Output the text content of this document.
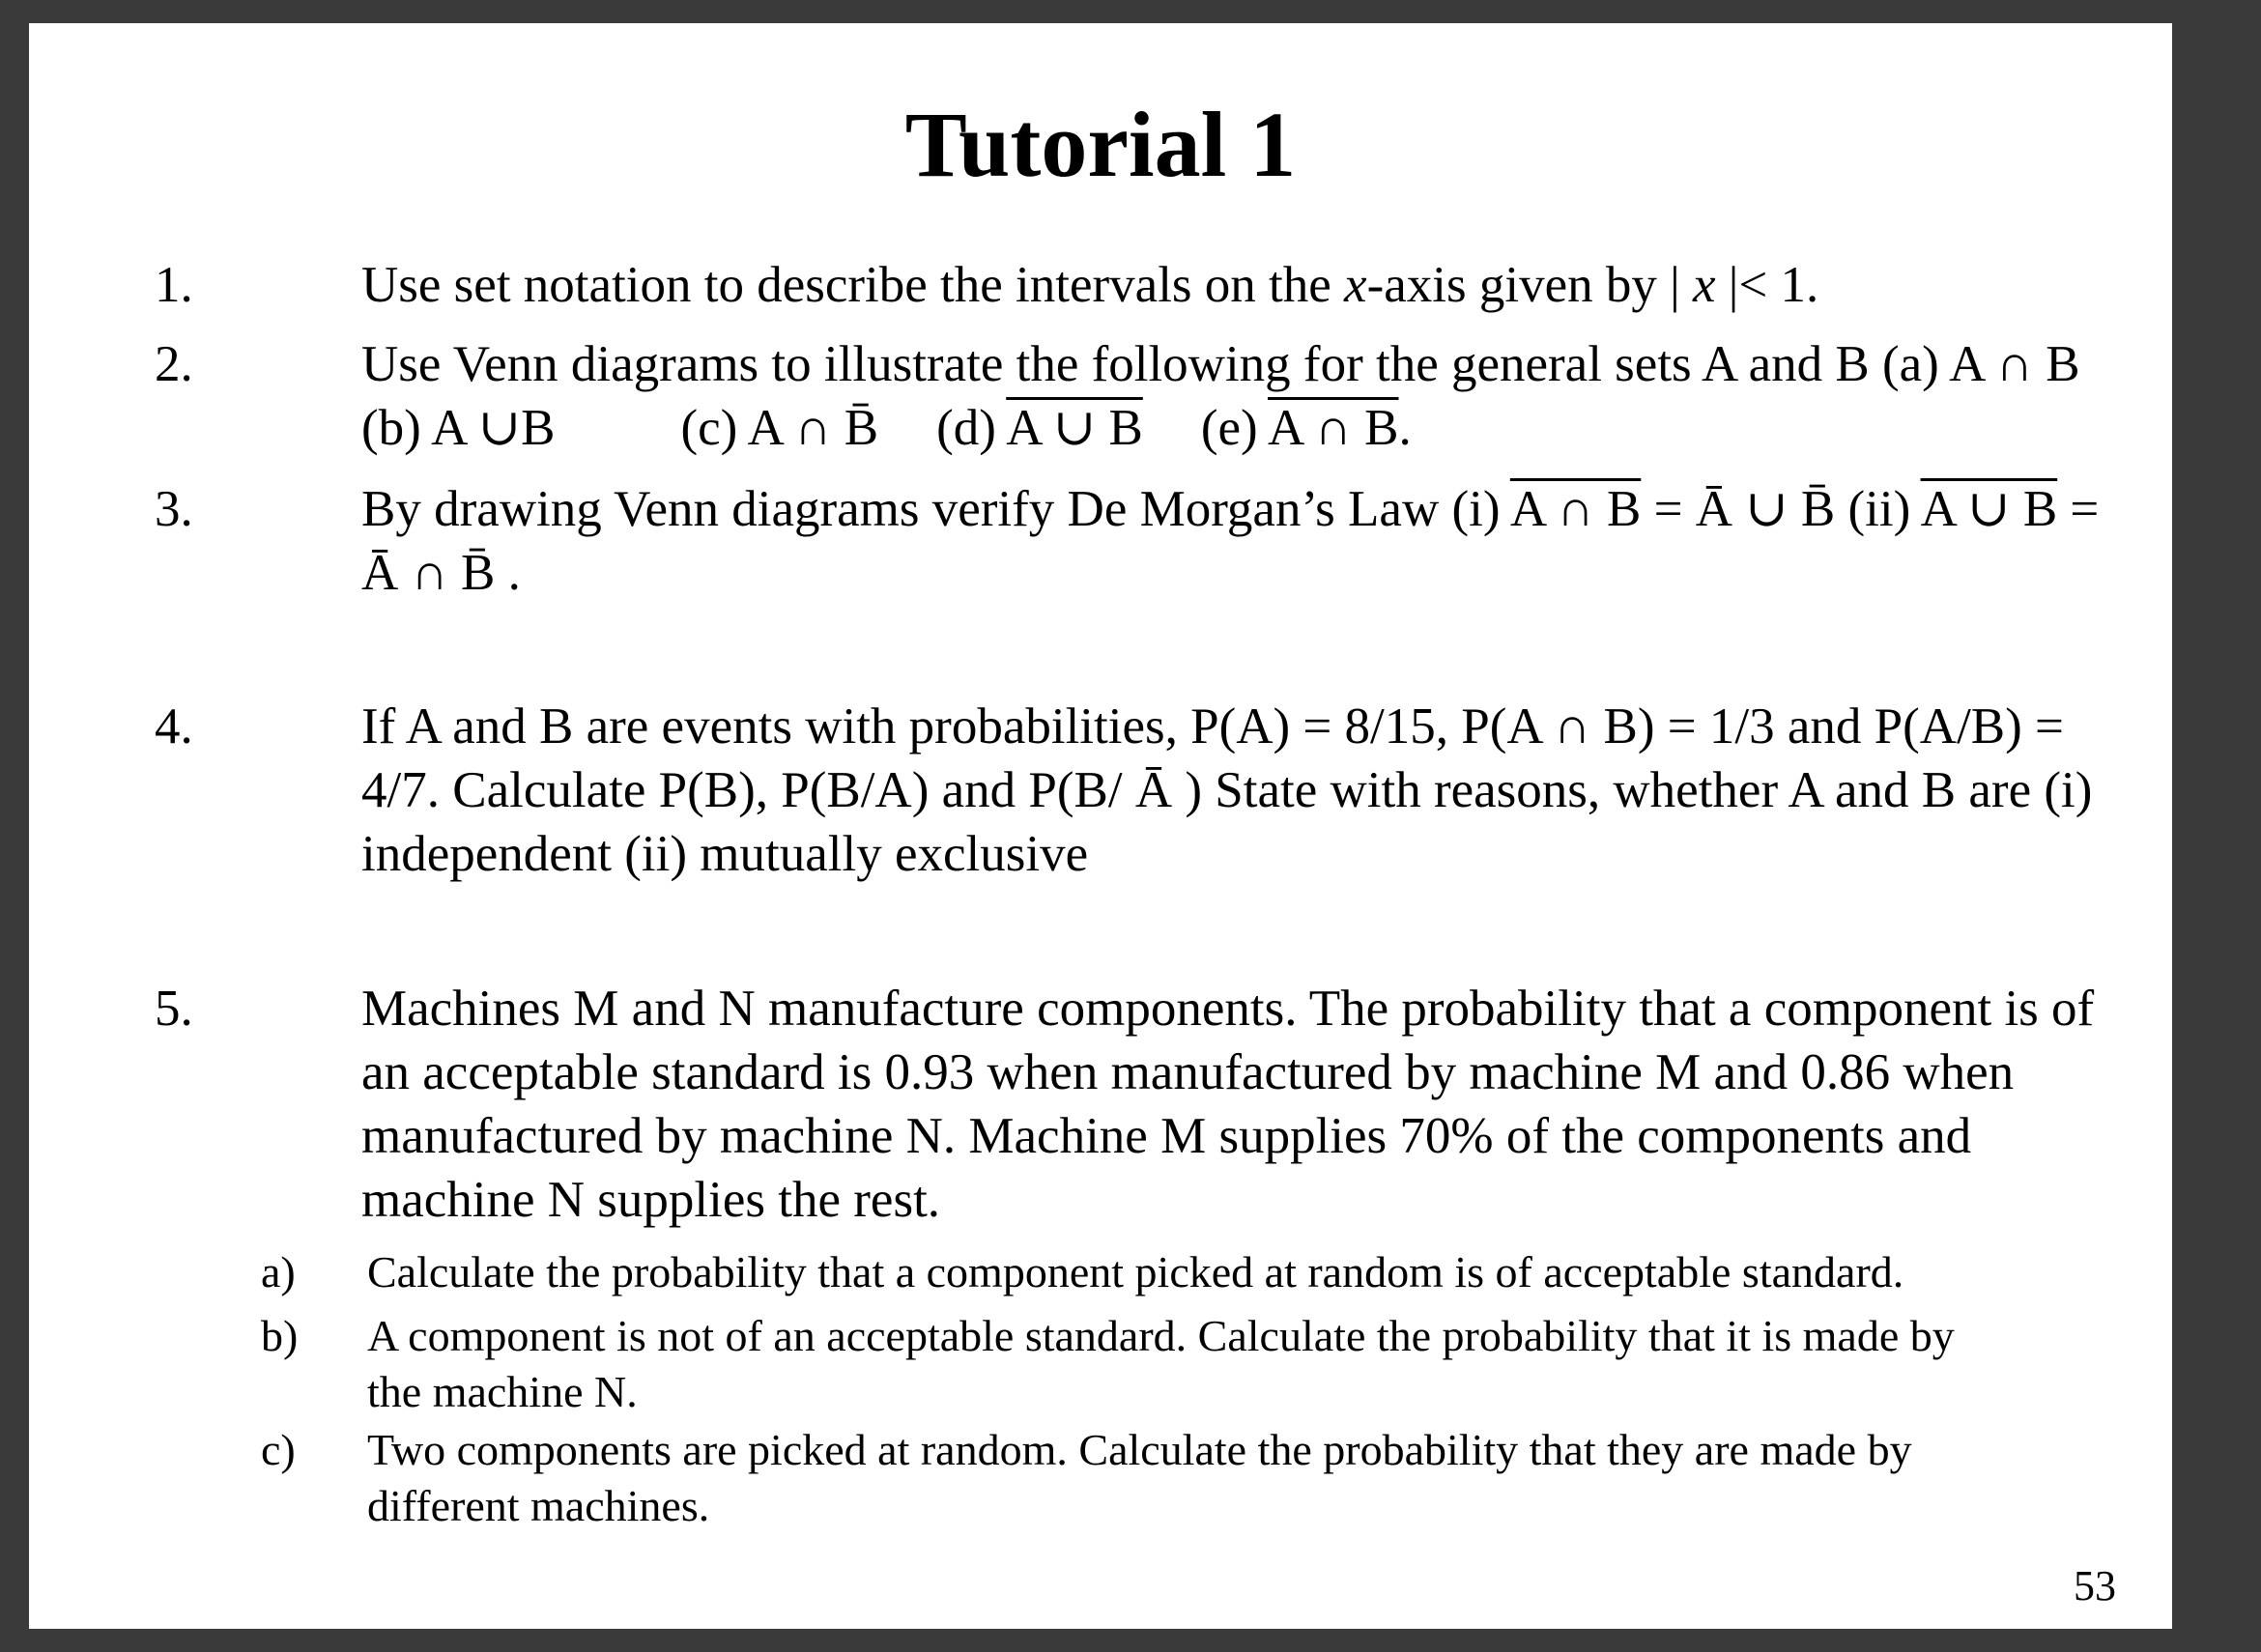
Tutorial 1
1.	Use set notation to describe the intervals on the x-axis given by | x |< 1.
2.	Use Venn diagrams to illustrate the following for the general sets A and B (a) A ∩ B
(b) A ∪B (c) A ∩ B̄ (d) A ∪ B (e) A ∩ B.
3.	By drawing Venn diagrams verify De Morgan’s Law (i) A ∩ B = Ā ∪ B̄ (ii) A ∪ B =
Ā ∩ B̄ .
4.	If A and B are events with probabilities, P(A) = 8/15, P(A ∩ B) = 1/3 and P(A/B) =
4/7. Calculate P(B), P(B/A) and P(B/ Ā ) State with reasons, whether A and B are (i)
independent (ii) mutually exclusive
5.	Machines M and N manufacture components. The probability that a component is of
an acceptable standard is 0.93 when manufactured by machine M and 0.86 when
manufactured by machine N. Machine M supplies 70% of the components and
machine N supplies the rest.
a) Calculate the probability that a component picked at random is of acceptable standard.
b) A component is not of an acceptable standard. Calculate the probability that it is made by
the machine N.
c) Two components are picked at random. Calculate the probability that they are made by
different machines.
53
